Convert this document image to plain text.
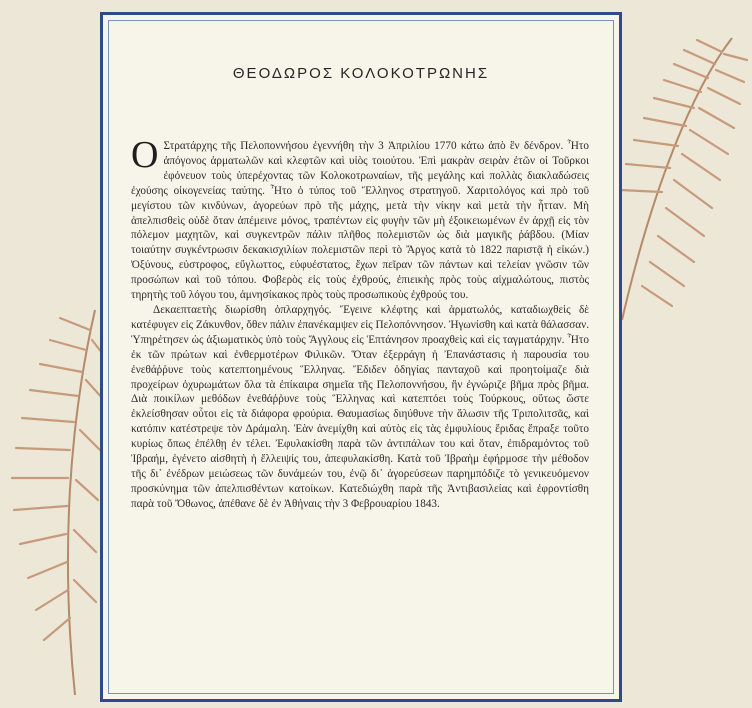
ΘΕΟΔΩΡΟΣ ΚΟΛΟΚΟΤΡΩΝΗΣ

Ο Στρατάρχης τῆς Πελοποννήσου ἐγεννήθη τὴν 3 Ἀπριλίου 1770 κάτω ἀπὸ ἓν δένδρον. Ἦτο ἀπόγονος ἁρματωλῶν καὶ κλεφτῶν καὶ υἱὸς τοιούτου. Ἐπὶ μακρὰν σειρὰν ἐτῶν οἱ Τοῦρκοι ἐφόνευον τοὺς ὑπερέχοντας τῶν Κολοκοτρωναίων, τῆς μεγάλης καὶ πολλὰς διακλαδώσεις ἐχούσης οἰκογενείας ταύτης. Ἦτο ὁ τύπος τοῦ Ἕλληνος στρατηγοῦ. Χαριτολόγος καὶ πρὸ τοῦ μεγίστου τῶν κινδύνων, ἀγορεύων πρὸ τῆς μάχης, μετὰ τὴν νίκην καὶ μετὰ τὴν ἧτταν. Μὴ ἀπελπισθεὶς οὐδὲ ὅταν ἀπέμεινε μόνος, τραπέντων εἰς φυγὴν τῶν μὴ ἐξοικειωμένων ἐν ἀρχῇ εἰς τὸν πόλεμον μαχητῶν, καὶ συγκεντρῶν πάλιν πλῆθος πολεμιστῶν ὡς διὰ μαγικῆς ῥάβδου. (Μίαν τοιαύτην συγκέντρωσιν δεκακισχιλίων πολεμιστῶν περὶ τὸ Ἄργος κατὰ τὸ 1822 παριστᾷ ἡ εἰκών.) Ὀξύνους, εὐστροφος, εὔγλωττος, εὐφυέστατος, ἔχων πεῖραν τῶν πάντων καὶ τελείαν γνῶσιν τῶν προσώπων καὶ τοῦ τόπου. Φοβερὸς εἰς τοὺς ἐχθρούς, ἐπιεικὴς πρὸς τοὺς αἰχμαλώτους, πιστὸς τηρητὴς τοῦ λόγου του, ἀμνησίκακος πρὸς τοὺς προσωπικοὺς ἐχθρούς του.

Δεκαεπταετὴς διωρίσθη ὁπλαρχηγός. Ἔγεινε κλέφτης καὶ ἁρματωλός, καταδιωχθεὶς δὲ κατέφυγεν εἰς Ζάκυνθον, ὅθεν πάλιν ἐπανέκαμψεν εἰς Πελοπόννησον. Ἠγωνίσθη καὶ κατὰ θάλασσαν. Ὑπηρέτησεν ὡς ἀξιωματικὸς ὑπὸ τοὺς Ἄγγλους εἰς Ἑπτάνησον προαχθεὶς καὶ εἰς ταγματάρχην. Ἦτο ἐκ τῶν πρώτων καὶ ἐνθερμοτέρων Φιλικῶν. Ὅταν ἐξερράγη ἡ Ἐπανάστασις ἡ παρουσία του ἐνεθάῤῥυνε τοὺς κατεπτοημένους Ἕλληνας. Ἔδιδεν ὁδηγίας πανταχοῦ καὶ προητοίμαζε διὰ προχείρων ὀχυρωμάτων ὅλα τὰ ἐπίκαιρα σημεῖα τῆς Πελοποννήσου, ἣν ἐγνώριζε βῆμα πρὸς βῆμα. Διὰ ποικίλων μεθόδων ἐνεθάῤῥυνε τοὺς Ἕλληνας καὶ κατεπτόει τοὺς Τούρκους, οὕτως ὥστε ἐκλείσθησαν οὗτοι εἰς τὰ διάφορα φρούρια. Θαυμασίως διηύθυνε τὴν ἅλωσιν τῆς Τριπολιτσᾶς, καὶ κατόπιν κατέστρεψε τὸν Δράμαλη. Ἐὰν ἀνεμίχθη καὶ αὐτὸς εἰς τὰς ἐμφυλίους ἔριδας ἔπραξε τοῦτο κυρίως ὅπως ἐπέλθῃ ἐν τέλει. Ἐφυλακίσθη παρὰ τῶν ἀντιπάλων του καὶ ὅταν, ἐπιδραμόντος τοῦ Ἰβραήμ, ἐγένετο αἰσθητὴ ἡ ἔλλειψίς του, ἀπεφυλακίσθη. Κατὰ τοῦ Ἰβραὴμ ἐφήρμοσε τὴν μέθοδον τῆς δι᾿ ἐνέδρων μειώσεως τῶν δυνάμεών του, ἐνῷ δι᾿ ἀγορεύσεων παρημπόδιζε τὸ γενικευόμενον προσκύνημα τῶν ἀπελπισθέντων κατοίκων. Κατεδιώχθη παρὰ τῆς Ἀντιβασιλείας καὶ ἐφροντίσθη παρὰ τοῦ Ὄθωνος, ἀπέθανε δὲ ἐν Ἀθήναις τὴν 3 Φεβρουαρίου 1843.
